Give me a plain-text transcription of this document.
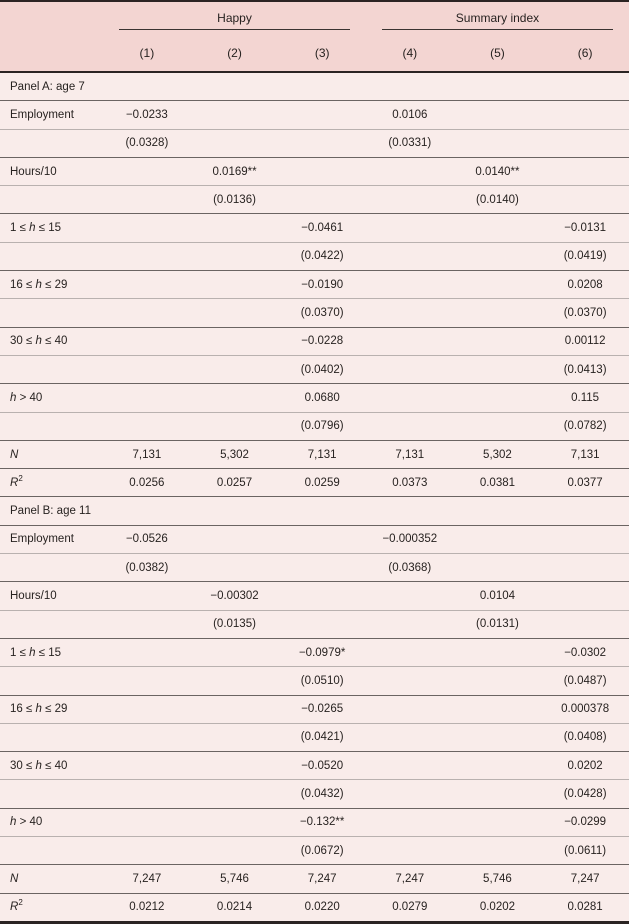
	Happy			Summary index		

	(1)	(2)	(3)	(4)	(5)	(6)
Panel A: age 7						
Employment	−0.0233			0.0106		
	(0.0328)			(0.0331)		
Hours/10		0.0169**			0.0140**	
		(0.0136)			(0.0140)	
1 ≤ h ≤ 15			−0.0461			−0.0131
			(0.0422)			(0.0419)
16 ≤ h ≤ 29			−0.0190			0.0208
			(0.0370)			(0.0370)
30 ≤ h ≤ 40			−0.0228			0.00112
			(0.0402)			(0.0413)
h > 40			0.0680			0.115
			(0.0796)			(0.0782)
N	7,131	5,302	7,131	7,131	5,302	7,131
$R^2$	0.0256	0.0257	0.0259	0.0373	0.0381	0.0377
Panel B: age 11						
Employment	−0.0526			−0.000352		
	(0.0382)			(0.0368)		
Hours/10		−0.00302			0.0104	
		(0.0135)			(0.0131)	
1 ≤ h ≤ 15			−0.0979*			−0.0302
			(0.0510)			(0.0487)
16 ≤ h ≤ 29			−0.0265			0.000378
			(0.0421)			(0.0408)
30 ≤ h ≤ 40			−0.0520			0.0202
			(0.0432)			(0.0428)
h > 40			−0.132**			−0.0299
			(0.0672)			(0.0611)
N	7,247	5,746	7,247	7,247	5,746	7,247
$R^2$	0.0212	0.0214	0.0220	0.0279	0.0202	0.0281
